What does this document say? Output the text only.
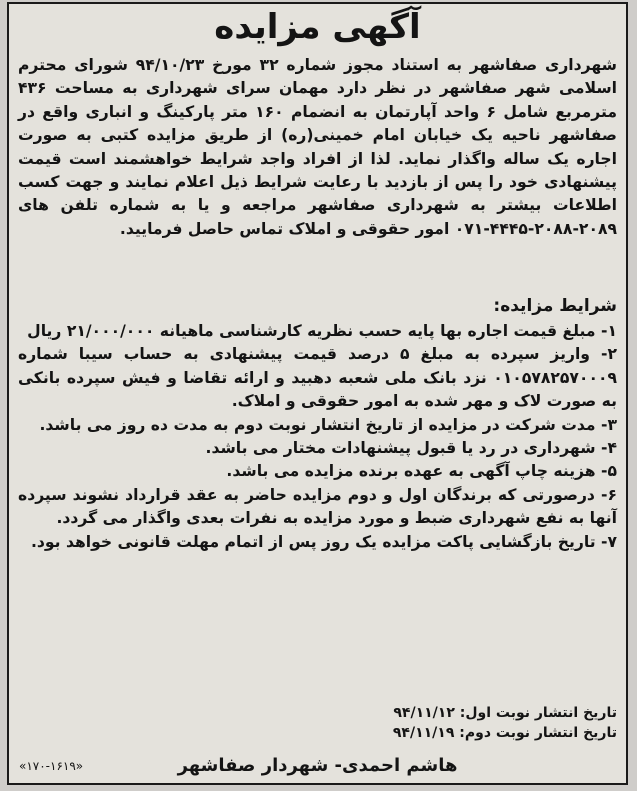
آگهی مزایده
شهرداری صفاشهر به استناد مجوز شماره ۳۲ مورخ ۹۴/۱۰/۲۳ شورای محترم اسلامی شهر صفاشهر در نظر دارد مهمان سرای شهرداری به مساحت ۴۳۶ مترمربع شامل ۶ واحد آپارتمان به انضمام ۱۶۰ متر پارکینگ و انباری واقع در صفاشهر ناحیه یک خیابان امام خمینی(ره) از طریق مزایده کتبی به صورت اجاره یک ساله واگذار نماید. لذا از افراد واجد شرایط خواهشمند است قیمت پیشنهادی خود را پس از بازدید با رعایت شرایط ذیل اعلام نمایند و جهت کسب اطلاعات بیشتر به شهرداری صفاشهر مراجعه و یا به شماره تلفن های ۲۰۸۹-۲۰۸۸-۴۴۴۵-۰۷۱ امور حقوقی و املاک تماس حاصل فرمایید.
شرایط مزایده:
۱- مبلغ قیمت اجاره بها پایه حسب نظریه کارشناسی ماهیانه ۲۱/۰۰۰/۰۰۰ ریال
۲- واریز سپرده به مبلغ ۵ درصد قیمت پیشنهادی به حساب سیبا شماره ۰۱۰۵۷۸۲۵۷۰۰۰۹ نزد بانک ملی شعبه دهبید و ارائه تقاضا و فیش سپرده بانکی به صورت لاک و مهر شده به امور حقوقی و املاک.
۳- مدت شرکت در مزایده از تاریخ انتشار نوبت دوم به مدت ده روز می باشد.
۴- شهرداری در رد یا قبول پیشنهادات مختار می باشد.
۵- هزینه چاپ آگهی به عهده برنده مزایده می باشد.
۶- درصورتی که برندگان اول و دوم مزایده حاضر به عقد قرارداد نشوند سپرده آنها به نفع شهرداری ضبط و مورد مزایده به نفرات بعدی واگذار می گردد.
۷- تاریخ بازگشایی پاکت مزایده یک روز پس از اتمام مهلت قانونی خواهد بود.
تاریخ انتشار نوبت اول: ۹۴/۱۱/۱۲
تاریخ انتشار نوبت دوم: ۹۴/۱۱/۱۹
هاشم احمدی- شهردار صفاشهر
«۱۷۰-۱۶۱۹»
